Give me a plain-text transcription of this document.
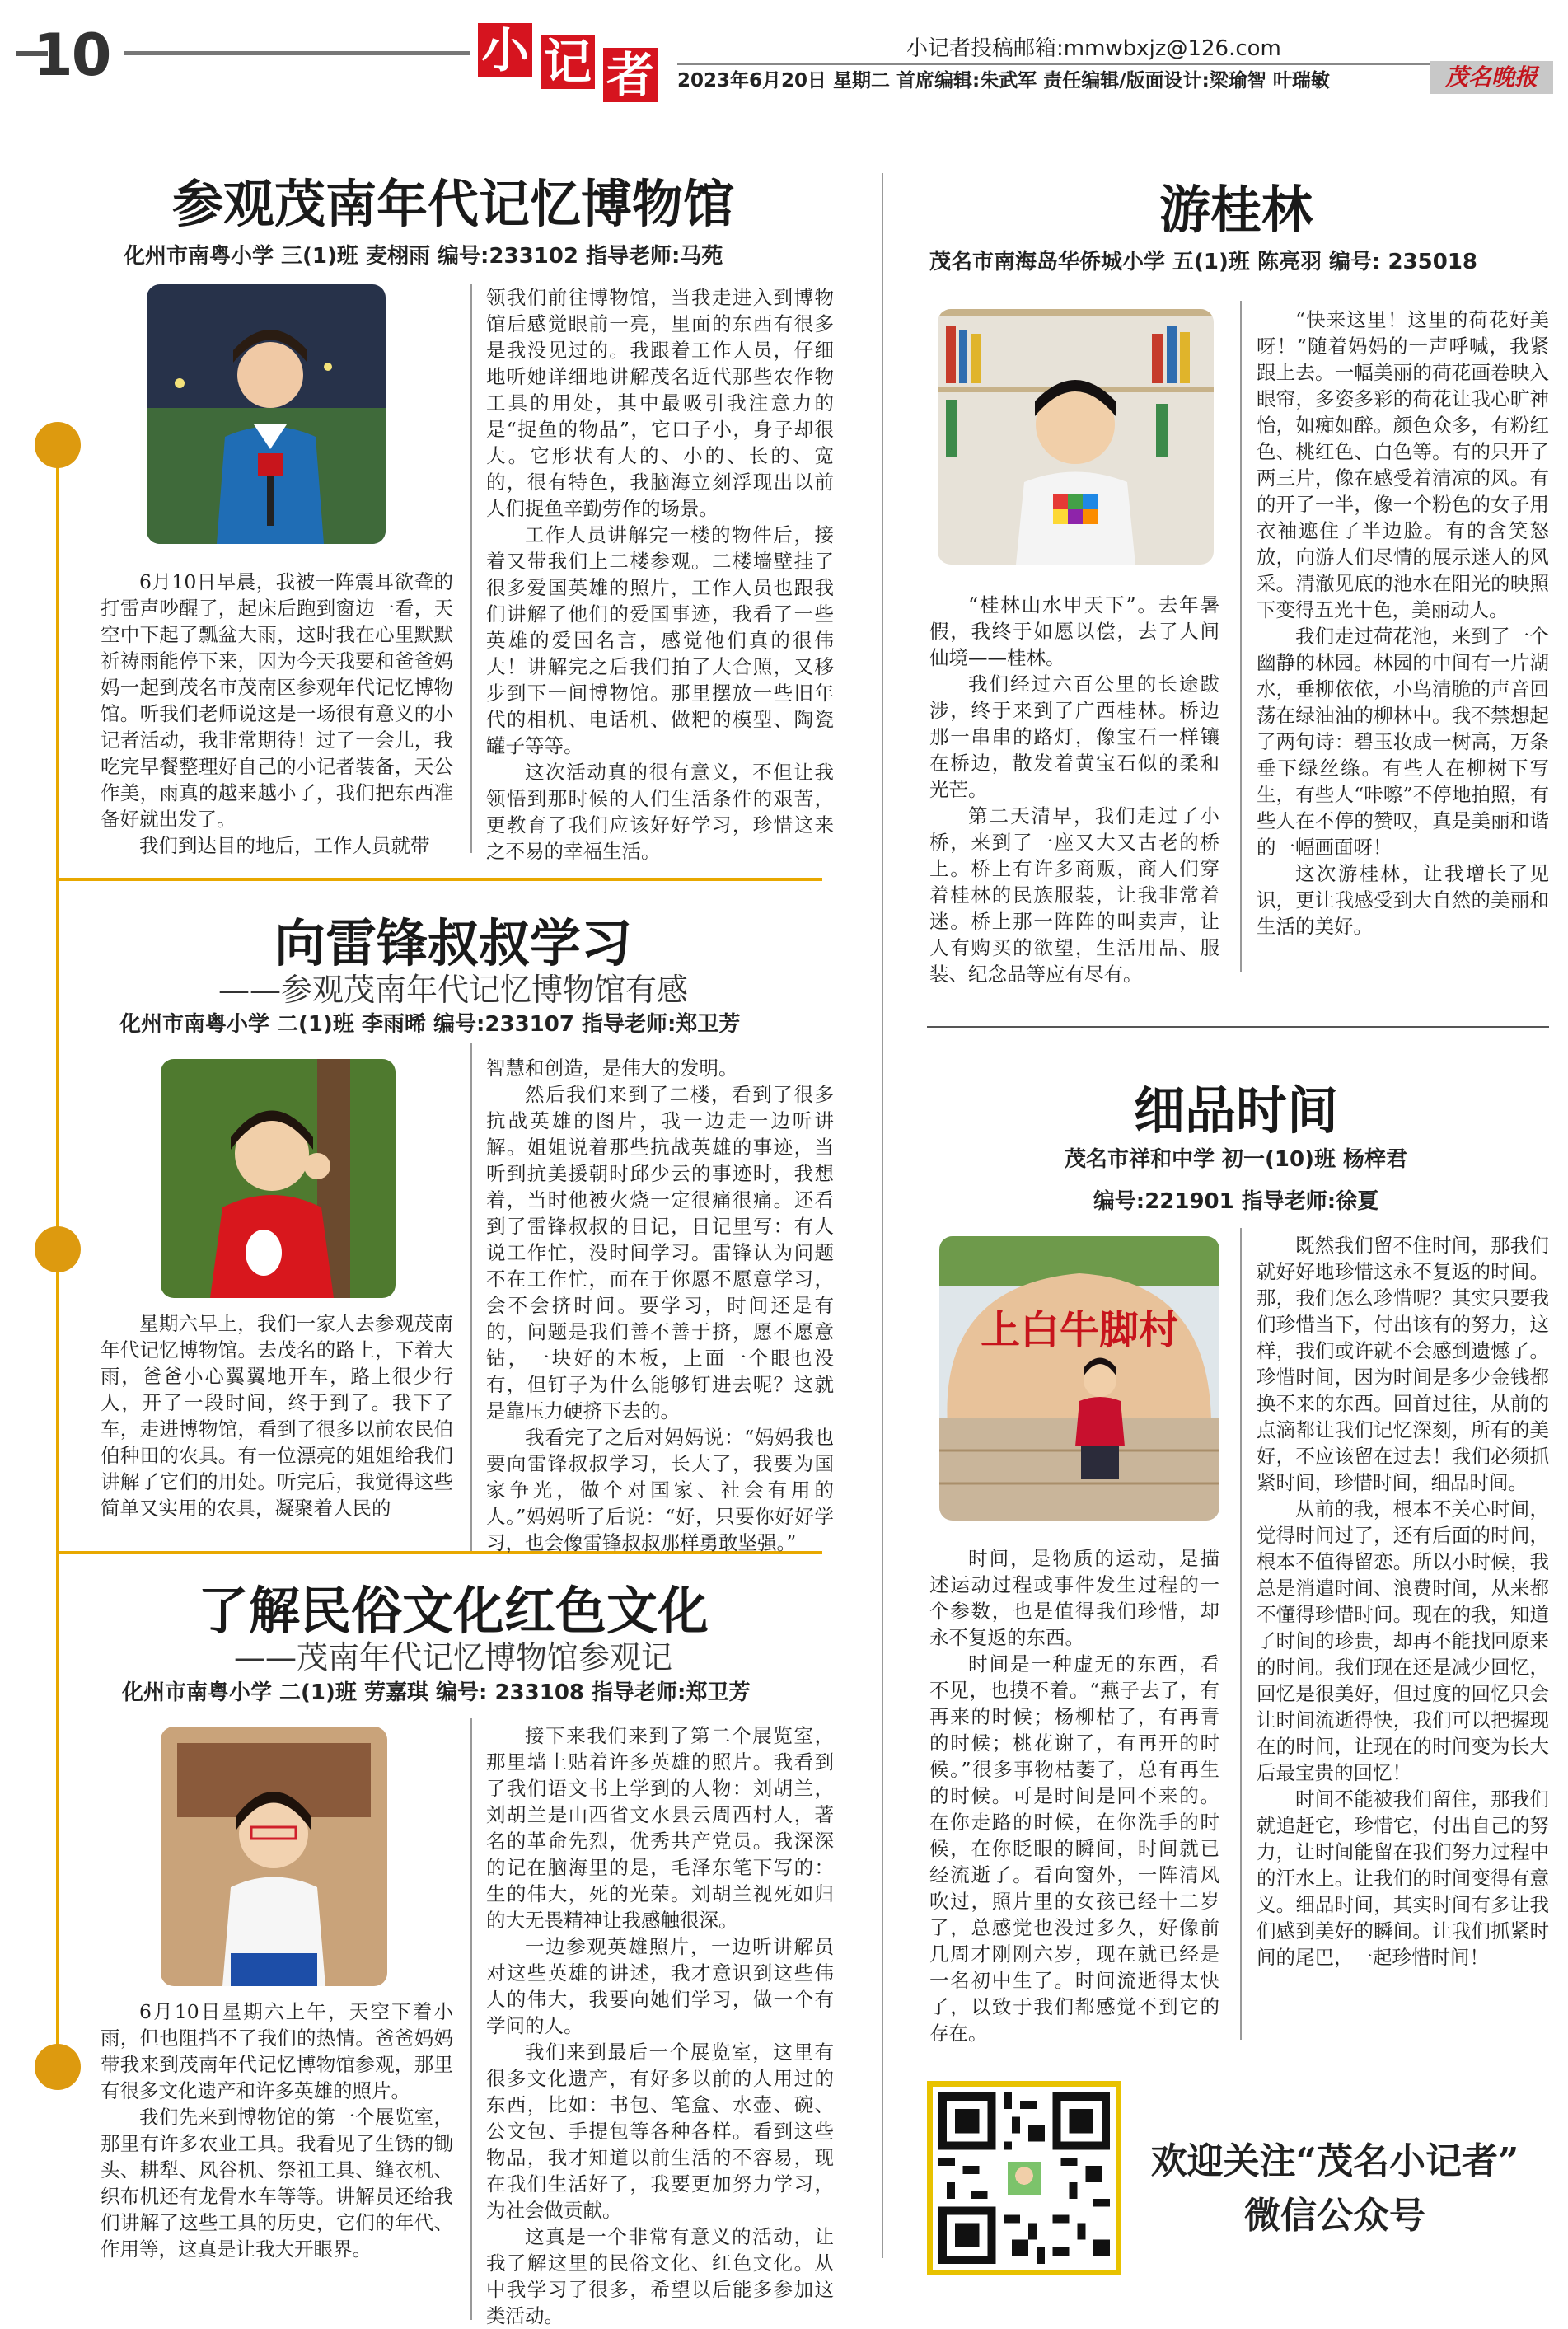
10	小 记 者	小记者投稿邮箱:mmwbxjz@126.com
2023年6月20日 星期二 首席编辑:朱武军 责任编辑/版面设计:梁瑜智 叶瑞敏	茂名晚报
参观茂南年代记忆博物馆
化州市南粤小学 三(1)班 麦栩雨 编号:233102 指导老师:马苑

6月10日早晨，我被一阵震耳欲聋的打雷声吵醒了，起床后跑到窗边一看，天空中下起了瓢盆大雨，这时我在心里默默祈祷雨能停下来，因为今天我要和爸爸妈妈一起到茂名市茂南区参观年代记忆博物馆。听我们老师说这是一场很有意义的小记者活动，我非常期待！过了一会儿，我吃完早餐整理好自己的小记者装备，天公作美，雨真的越来越小了，我们把东西准备好就出发了。

我们到达目的地后，工作人员就带

领我们前往博物馆，当我走进入到博物馆后感觉眼前一亮，里面的东西有很多是我没见过的。我跟着工作人员，仔细地听她详细地讲解茂名近代那些农作物工具的用处，其中最吸引我注意力的是“捉鱼的物品”，它口子小，身子却很大。它形状有大的、小的、长的、宽的，很有特色，我脑海立刻浮现出以前人们捉鱼辛勤劳作的场景。

工作人员讲解完一楼的物件后，接着又带我们上二楼参观。二楼墙壁挂了很多爱国英雄的照片，工作人员也跟我们讲解了他们的爱国事迹，我看了一些英雄的爱国名言，感觉他们真的很伟大！讲解完之后我们拍了大合照，又移步到下一间博物馆。那里摆放一些旧年代的相机、电话机、做粑的模型、陶瓷罐子等等。

这次活动真的很有意义，不但让我领悟到那时候的人们生活条件的艰苦，更教育了我们应该好好学习，珍惜这来之不易的幸福生活。

向雷锋叔叔学习
——参观茂南年代记忆博物馆有感
化州市南粤小学 二(1)班 李雨晞 编号:233107 指导老师:郑卫芳

星期六早上，我们一家人去参观茂南年代记忆博物馆。去茂名的路上，下着大雨，爸爸小心翼翼地开车，路上很少行人，开了一段时间，终于到了。我下了车，走进博物馆，看到了很多以前农民伯伯种田的农具。有一位漂亮的姐姐给我们讲解了它们的用处。听完后，我觉得这些简单又实用的农具，凝聚着人民的

智慧和创造，是伟大的发明。

然后我们来到了二楼，看到了很多抗战英雄的图片，我一边走一边听讲解。姐姐说着那些抗战英雄的事迹，当听到抗美援朝时邱少云的事迹时，我想着，当时他被火烧一定很痛很痛。还看到了雷锋叔叔的日记，日记里写：有人说工作忙，没时间学习。雷锋认为问题不在工作忙，而在于你愿不愿意学习，会不会挤时间。要学习，时间还是有的，问题是我们善不善于挤，愿不愿意钻，一块好的木板，上面一个眼也没有，但钉子为什么能够钉进去呢？这就是靠压力硬挤下去的。

我看完了之后对妈妈说：“妈妈我也要向雷锋叔叔学习，长大了，我要为国家争光，做个对国家、社会有用的人。”妈妈听了后说：“好，只要你好好学习，也会像雷锋叔叔那样勇敢坚强。”

了解民俗文化红色文化
——茂南年代记忆博物馆参观记
化州市南粤小学 二(1)班 劳嘉琪 编号: 233108 指导老师:郑卫芳

6月10日星期六上午，天空下着小雨，但也阻挡不了我们的热情。爸爸妈妈带我来到茂南年代记忆博物馆参观，那里有很多文化遗产和许多英雄的照片。

我们先来到博物馆的第一个展览室，那里有许多农业工具。我看见了生锈的锄头、耕犁、风谷机、祭祖工具、缝衣机、织布机还有龙骨水车等等。讲解员还给我们讲解了这些工具的历史，它们的年代、作用等，这真是让我大开眼界。

接下来我们来到了第二个展览室，那里墙上贴着许多英雄的照片。我看到了我们语文书上学到的人物：刘胡兰，刘胡兰是山西省文水县云周西村人，著名的革命先烈，优秀共产党员。我深深的记在脑海里的是，毛泽东笔下写的：生的伟大，死的光荣。刘胡兰视死如归的大无畏精神让我感触很深。

一边参观英雄照片，一边听讲解员对这些英雄的讲述，我才意识到这些伟人的伟大，我要向她们学习，做一个有学问的人。

我们来到最后一个展览室，这里有很多文化遗产，有好多以前的人用过的东西，比如：书包、笔盒、水壶、碗、公文包、手提包等各种各样。看到这些物品，我才知道以前生活的不容易，现在我们生活好了，我要更加努力学习，为社会做贡献。

这真是一个非常有意义的活动，让我了解这里的民俗文化、红色文化。从中我学习了很多，希望以后能多参加这类活动。

游桂林
茂名市南海岛华侨城小学 五(1)班 陈亮羽 编号: 235018

“桂林山水甲天下”。去年暑假，我终于如愿以偿，去了人间仙境——桂林。

我们经过六百公里的长途跋涉，终于来到了广西桂林。桥边那一串串的路灯，像宝石一样镶在桥边，散发着黄宝石似的柔和光芒。

第二天清早，我们走过了小桥，来到了一座又大又古老的桥上。桥上有许多商贩，商人们穿着桂林的民族服装，让我非常着迷。桥上那一阵阵的叫卖声，让人有购买的欲望，生活用品、服装、纪念品等应有尽有。

“快来这里！这里的荷花好美呀！”随着妈妈的一声呼喊，我紧跟上去。一幅美丽的荷花画卷映入眼帘，多姿多彩的荷花让我心旷神怡，如痴如醉。颜色众多，有粉红色、桃红色、白色等。有的只开了两三片，像在感受着清凉的风。有的开了一半，像一个粉色的女子用衣袖遮住了半边脸。有的含笑怒放，向游人们尽情的展示迷人的风采。清澈见底的池水在阳光的映照下变得五光十色，美丽动人。

我们走过荷花池，来到了一个幽静的林园。林园的中间有一片湖水，垂柳依依，小鸟清脆的声音回荡在绿油油的柳林中。我不禁想起了两句诗：碧玉妆成一树高，万条垂下绿丝绦。有些人在柳树下写生，有些人“咔嚓”不停地拍照，有些人在不停的赞叹，真是美丽和谐的一幅画面呀！

这次游桂林，让我增长了见识，更让我感受到大自然的美丽和生活的美好。

细品时间
茂名市祥和中学 初一(10)班 杨梓君
编号:221901 指导老师:徐夏
上白牛脚村

时间，是物质的运动，是描述运动过程或事件发生过程的一个参数，也是值得我们珍惜，却永不复返的东西。

时间是一种虚无的东西，看不见，也摸不着。“燕子去了，有再来的时候；杨柳枯了，有再青的时候；桃花谢了，有再开的时候。”很多事物枯萎了，总有再生的时候。可是时间是回不来的。在你走路的时候，在你洗手的时候，在你眨眼的瞬间，时间就已经流逝了。看向窗外，一阵清风吹过，照片里的女孩已经十二岁了，总感觉也没过多久，好像前几周才刚刚六岁，现在就已经是一名初中生了。时间流逝得太快了，以致于我们都感觉不到它的存在。

既然我们留不住时间，那我们就好好地珍惜这永不复返的时间。那，我们怎么珍惜呢？其实只要我们珍惜当下，付出该有的努力，这样，我们或许就不会感到遗憾了。珍惜时间，因为时间是多少金钱都换不来的东西。回首过往，从前的点滴都让我们记忆深刻，所有的美好，不应该留在过去！我们必须抓紧时间，珍惜时间，细品时间。

从前的我，根本不关心时间，觉得时间过了，还有后面的时间，根本不值得留恋。所以小时候，我总是消遣时间、浪费时间，从来都不懂得珍惜时间。现在的我，知道了时间的珍贵，却再不能找回原来的时间。我们现在还是减少回忆，回忆是很美好，但过度的回忆只会让时间流逝得快，我们可以把握现在的时间，让现在的时间变为长大后最宝贵的回忆！

时间不能被我们留住，那我们就追赶它，珍惜它，付出自己的努力，让时间能留在我们努力过程中的汗水上。让我们的时间变得有意义。细品时间，其实时间有多让我们感到美好的瞬间。让我们抓紧时间的尾巴，一起珍惜时间！

欢迎关注“茂名小记者”
微信公众号
